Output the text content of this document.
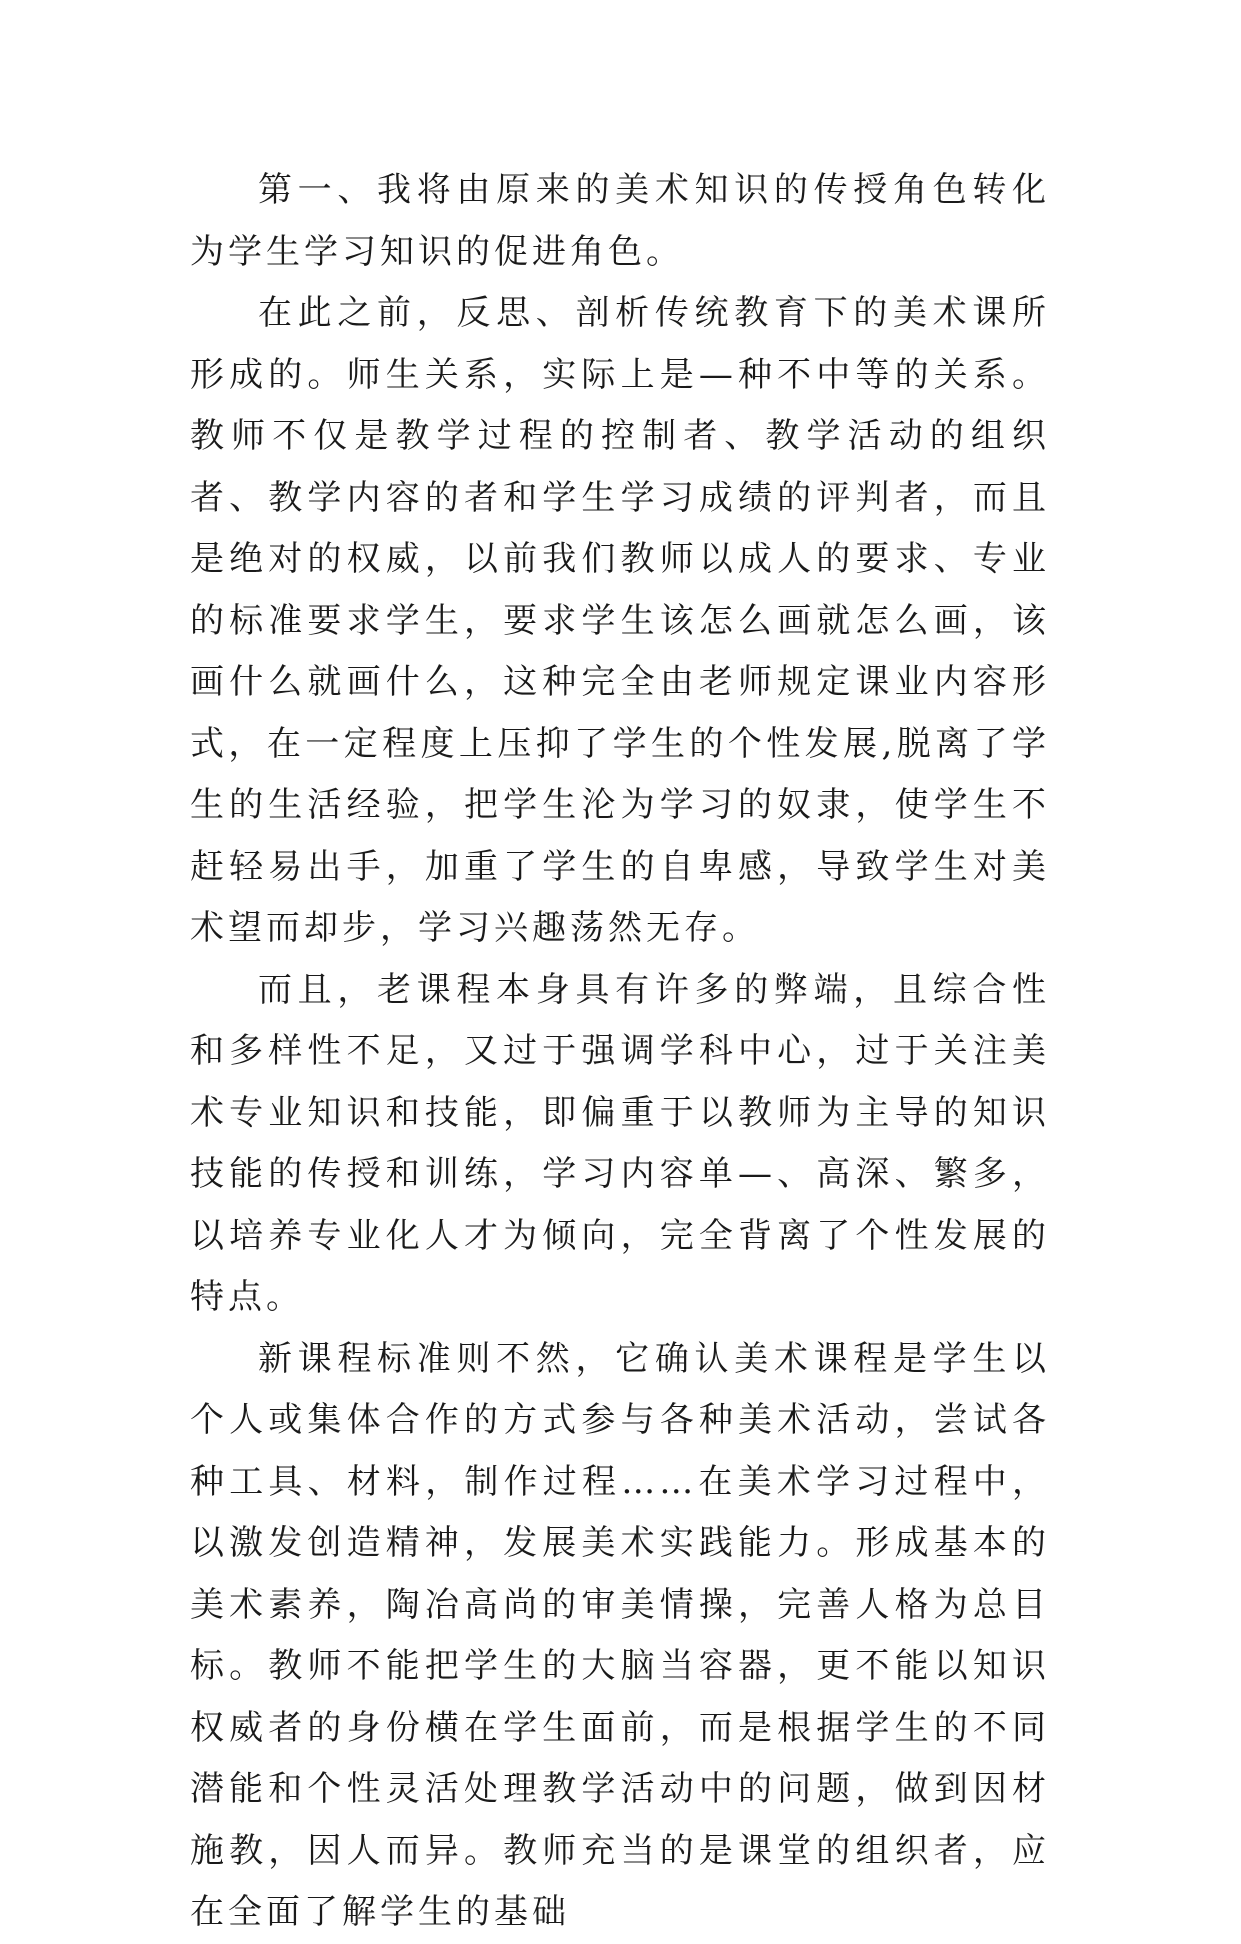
第一、我将由原来的美术知识的传授角色转化为学生学习知识的促进角色。

在此之前，反思、剖析传统教育下的美术课所形成的。师生关系，实际上是—种不中等的关系。教师不仅是教学过程的控制者、教学活动的组织者、教学内容的者和学生学习成绩的评判者，而且是绝对的权威，以前我们教师以成人的要求、专业的标准要求学生，要求学生该怎么画就怎么画，该画什么就画什么，这种完全由老师规定课业内容形式，在一定程度上压抑了学生的个性发展,脱离了学生的生活经验，把学生沦为学习的奴隶，使学生不赶轻易出手，加重了学生的自卑感，导致学生对美术望而却步，学习兴趣荡然无存。

而且，老课程本身具有许多的弊端，且综合性和多样性不足，又过于强调学科中心，过于关注美术专业知识和技能，即偏重于以教师为主导的知识技能的传授和训练，学习内容单—、高深、繁多，以培养专业化人才为倾向，完全背离了个性发展的特点。

新课程标准则不然，它确认美术课程是学生以个人或集体合作的方式参与各种美术活动，尝试各种工具、材料，制作过程……在美术学习过程中，以激发创造精神，发展美术实践能力。形成基本的美术素养，陶冶高尚的审美情操，完善人格为总目标。教师不能把学生的大脑当容器，更不能以知识权威者的身份横在学生面前，而是根据学生的不同潜能和个性灵活处理教学活动中的问题，做到因材施教，因人而异。教师充当的是课堂的组织者，应在全面了解学生的基础
